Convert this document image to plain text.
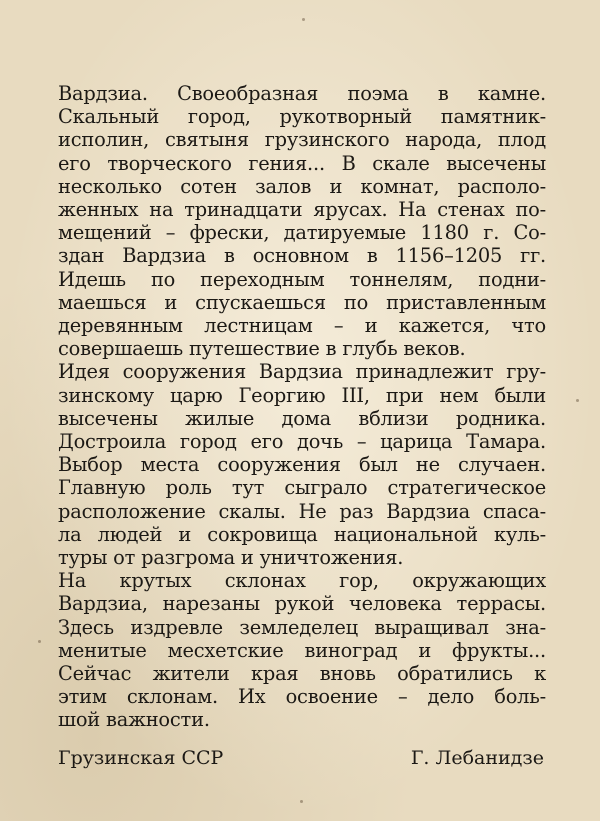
Вардзиа. Своеобразная поэма в камне.
Скальный город, рукотворный памятник-
исполин, святыня грузинского народа, плод
его творческого гения... В скале высечены
несколько сотен залов и комнат, располо-
женных на тринадцати ярусах. На стенах по-
мещений – фрески, датируемые 1180 г. Со-
здан Вардзиа в основном в 1156–1205 гг.
Идешь по переходным тоннелям, подни-
маешься и спускаешься по приставленным
деревянным лестницам – и кажется, что
совершаешь путешествие в глубь веков.
Идея сооружения Вардзиа принадлежит гру-
зинскому царю Георгию III, при нем были
высечены жилые дома вблизи родника.
Достроила город его дочь – царица Тамара.
Выбор места сооружения был не случаен.
Главную роль тут сыграло стратегическое
расположение скалы. Не раз Вардзиа спаса-
ла людей и сокровища национальной куль-
туры от разгрома и уничтожения.
На крутых склонах гор, окружающих
Вардзиа, нарезаны рукой человека террасы.
Здесь издревле земледелец выращивал зна-
менитые месхетские виноград и фрукты...
Сейчас жители края вновь обратились к
этим склонам. Их освоение – дело боль-
шой важности.
Грузинская ССР	Г. Лебанидзе
